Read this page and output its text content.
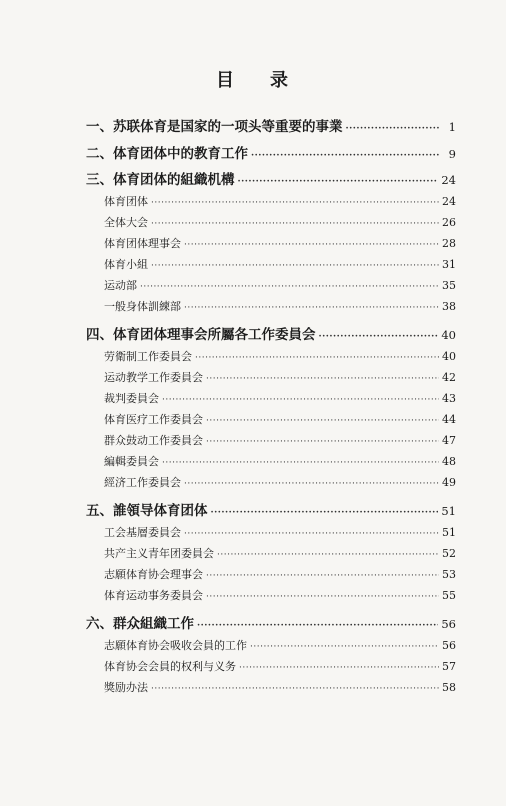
目 录
一、苏联体育是国家的一项头等重要的事業 ·····	1
二、体育团体中的教育工作 ·····	9
三、体育团体的組織机構 ·····	24
体育团体 ·····	24
全体大会 ·····	26
体育团体理事会 ·····	28
体育小組 ·····	31
运动部 ·····	35
一般身体訓練部 ·····	38
四、体育团体理事会所屬各工作委員会 ·····	40
劳衛制工作委員会 ·····	40
运动教学工作委員会 ·····	42
裁判委員会 ·····	43
体育医疗工作委員会 ·····	44
群众鼓动工作委員会 ·····	47
編輯委員会 ·····	48
經济工作委員会 ·····	49
五、誰領导体育团体 ·····	51
工会基層委員会 ·····	51
共产主义青年团委員会 ·····	52
志願体育协会理事会 ·····	53
体育运动事务委員会 ·····	55
六、群众組織工作 ·····	56
志願体育协会吸收会員的工作 ·····	56
体育协会会員的权利与义务 ·····	57
獎励办法 ·····	58
